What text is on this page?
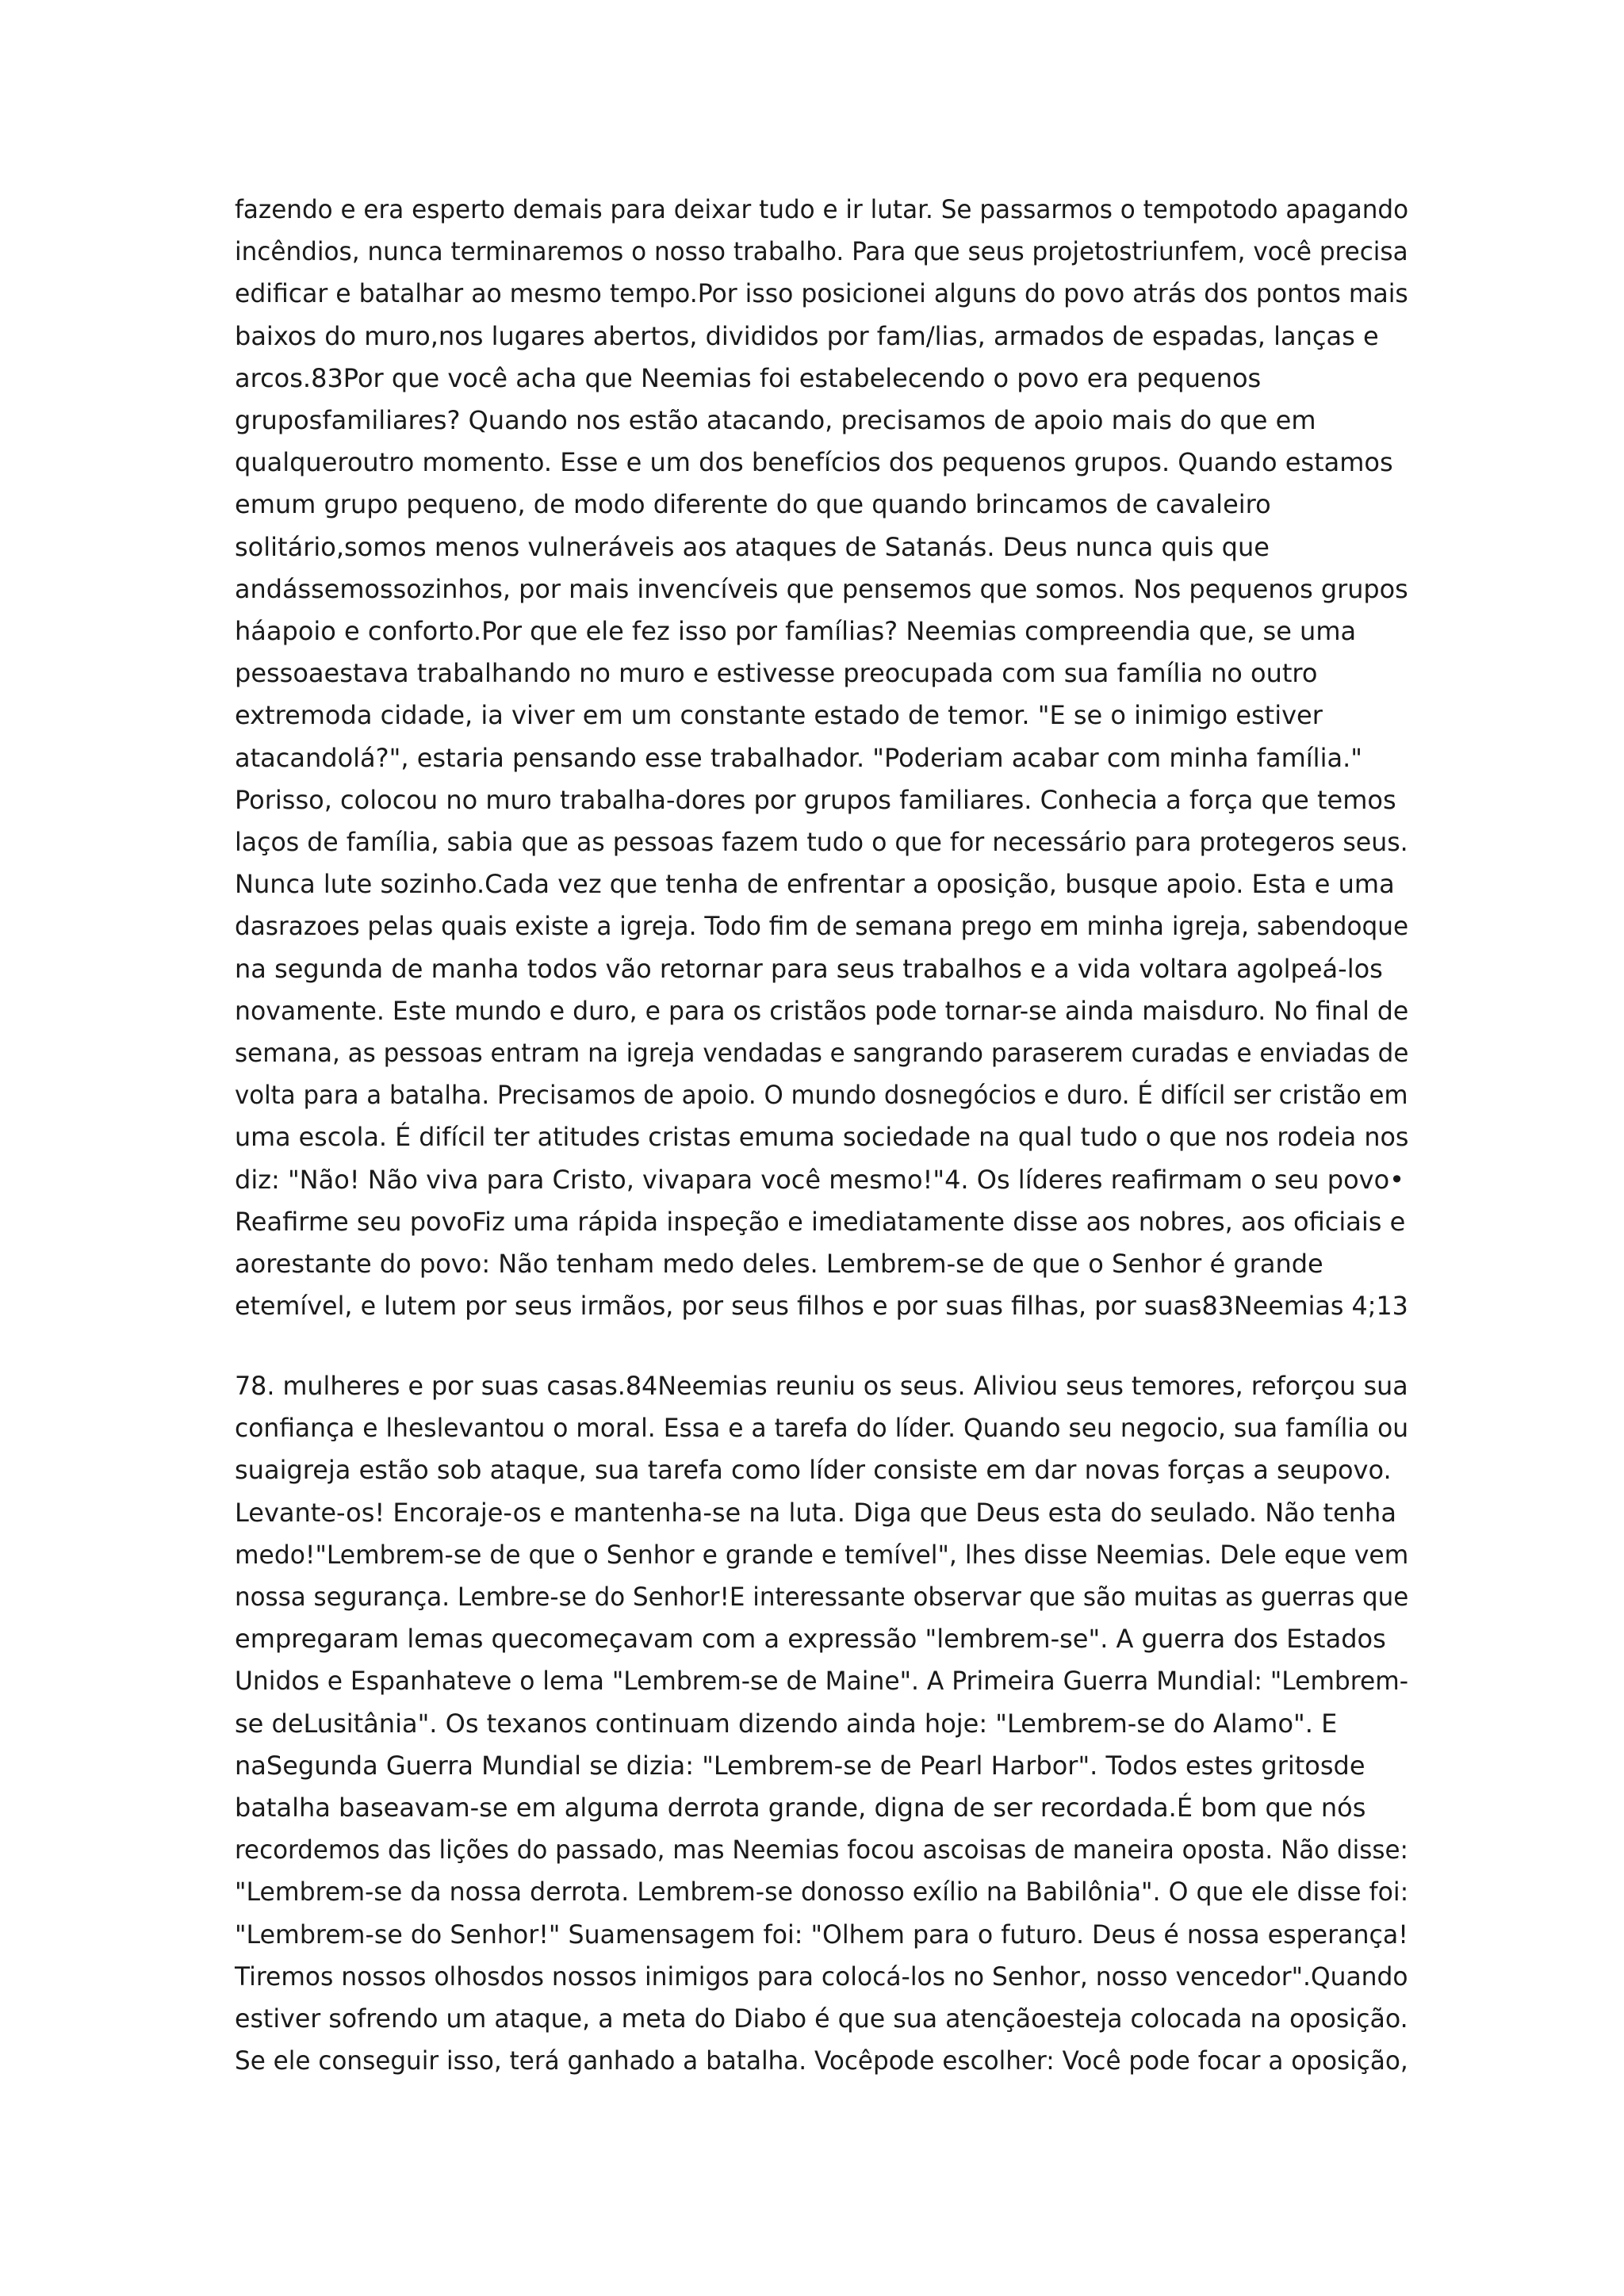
fazendo e era esperto demais para deixar tudo e ir lutar. Se passarmos o tempotodo apagandoincêndios, nunca terminaremos o nosso trabalho. Para que seus projetostriunfem, você precisaedificar e batalhar ao mesmo tempo.Por isso posicionei alguns do povo atrás dos pontos mais
baixos do muro,nos lugares abertos, divididos por fam/lias, armados de espadas, lanças e
arcos.83Por que você acha que Neemias foi estabelecendo o povo era pequenos
gruposfamiliares? Quando nos estão atacando, precisamos de apoio mais do que em
qualqueroutro momento. Esse e um dos benefícios dos pequenos grupos. Quando estamos
emum grupo pequeno, de modo diferente do que quando brincamos de cavaleiro
solitário,somos menos vulneráveis aos ataques de Satanás. Deus nunca quis que
andássemossozinhos, por mais invencíveis que pensemos que somos. Nos pequenos grupos
háapoio e conforto.Por que ele fez isso por famílias? Neemias compreendia que, se uma
pessoaestava trabalhando no muro e estivesse preocupada com sua família no outro
extremoda cidade, ia viver em um constante estado de temor. "E se o inimigo estiver
atacandolá?", estaria pensando esse trabalhador. "Poderiam acabar com minha família."
Porisso, colocou no muro trabalha-dores por grupos familiares. Conhecia a força que temos
laços de família, sabia que as pessoas fazem tudo o que for necessário para protegeros seus.
Nunca lute sozinho.Cada vez que tenha de enfrentar a oposição, busque apoio. Esta e uma
dasrazoes pelas quais existe a igreja. Todo fim de semana prego em minha igreja, sabendoque
na segunda de manha todos vão retornar para seus trabalhos e a vida voltara agolpeá-los
novamente. Este mundo e duro, e para os cristãos pode tornar-se ainda maisduro. No final desemana, as pessoas entram na igreja vendadas e sangrando paraserem curadas e enviadas devolta para a batalha. Precisamos de apoio. O mundo dosnegócios e duro. É difícil ser cristão emuma escola. É difícil ter atitudes cristas emuma sociedade na qual tudo o que nos rodeia nos
diz: "Não! Não viva para Cristo, vivapara você mesmo!"4. Os líderes reafirmam o seu povo•
Reafirme seu povoFiz uma rápida inspeção e imediatamente disse aos nobres, aos oficiais e
aorestante do povo: Não tenham medo deles. Lembrem-se de que o Senhor é grande
etemível, e lutem por seus irmãos, por seus filhos e por suas filhas, por suas83Neemias 4;13

78. mulheres e por suas casas.84Neemias reuniu os seus. Aliviou seus temores, reforçou suaconfiança e lheslevantou o moral. Essa e a tarefa do líder. Quando seu negocio, sua família ou
suaigreja estão sob ataque, sua tarefa como líder consiste em dar novas forças a seupovo.
Levante-os! Encoraje-os e mantenha-se na luta. Diga que Deus esta do seulado. Não tenha
medo!"Lembrem-se de que o Senhor e grande e temível", lhes disse Neemias. Dele eque vemnossa segurança. Lembre-se do Senhor!E interessante observar que são muitas as guerras que
empregaram lemas quecomeçavam com a expressão "lembrem-se". A guerra dos Estados
Unidos e Espanhateve o lema "Lembrem-se de Maine". A Primeira Guerra Mundial: "Lembrem-
se deLusitânia". Os texanos continuam dizendo ainda hoje: "Lembrem-se do Alamo". E
naSegunda Guerra Mundial se dizia: "Lembrem-se de Pearl Harbor". Todos estes gritosde
batalha baseavam-se em alguma derrota grande, digna de ser recordada.É bom que nós
recordemos das lições do passado, mas Neemias focou ascoisas de maneira oposta. Não disse:"Lembrem-se da nossa derrota. Lembrem-se donosso exílio na Babilônia". O que ele disse foi:"Lembrem-se do Senhor!" Suamensagem foi: "Olhem para o futuro. Deus é nossa esperança!Tiremos nossos olhosdos nossos inimigos para colocá-los no Senhor, nosso vencedor".Quandoestiver sofrendo um ataque, a meta do Diabo é que sua atençãoesteja colocada na oposição.Se ele conseguir isso, terá ganhado a batalha. Vocêpode escolher: Você pode focar a oposição,
